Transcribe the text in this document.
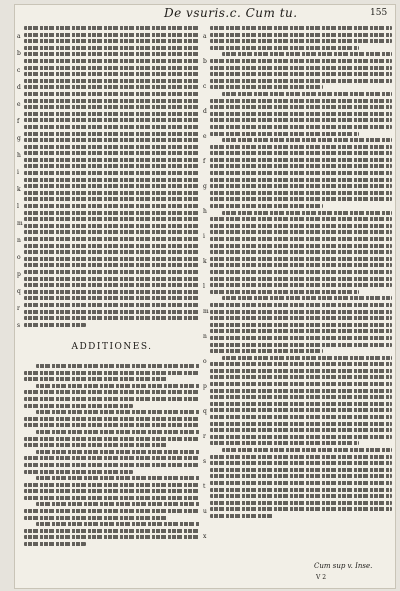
De vsuris.c. Cum tu.	155
ADDITIONES.
a
b
c
d
e
f
g
h
i
k
l
m
n
o
p
q
r
s
a
b
c
d
e
f
g
h
i
k
l
m
n
o
p
q
r
s
t
u
x
Cum sup v. Inse.
V 2
